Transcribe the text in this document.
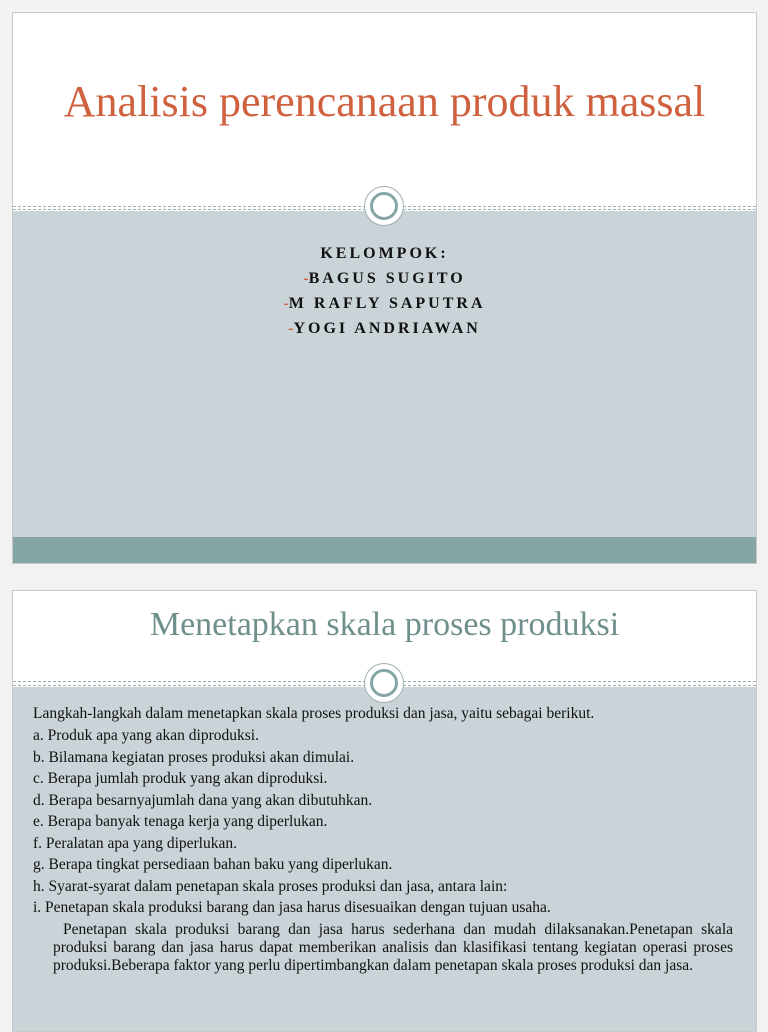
Analisis perencanaan produk massal
KELOMPOK:
-BAGUS SUGITO
-M RAFLY SAPUTRA
-YOGI ANDRIAWAN
Menetapkan skala proses produksi

Langkah-langkah dalam menetapkan skala proses produksi dan jasa, yaitu sebagai berikut.

a. Produk apa yang akan diproduksi.

b. Bilamana kegiatan proses produksi akan dimulai.

c. Berapa jumlah produk yang akan diproduksi.

d. Berapa besarnyajumlah dana yang akan dibutuhkan.

e. Berapa banyak tenaga kerja yang diperlukan.

f. Peralatan apa yang diperlukan.

g. Berapa tingkat persediaan bahan baku yang diperlukan.

h. Syarat-syarat dalam penetapan skala proses produksi dan jasa, antara lain:

i. Penetapan skala produksi barang dan jasa harus disesuaikan dengan tujuan usaha.

Penetapan skala produksi barang dan jasa harus sederhana dan mudah dilaksanakan.Penetapan skala produksi barang dan jasa harus dapat memberikan analisis dan klasifikasi tentang kegiatan operasi proses produksi.Beberapa faktor yang perlu dipertimbangkan dalam penetapan skala proses produksi dan jasa.
